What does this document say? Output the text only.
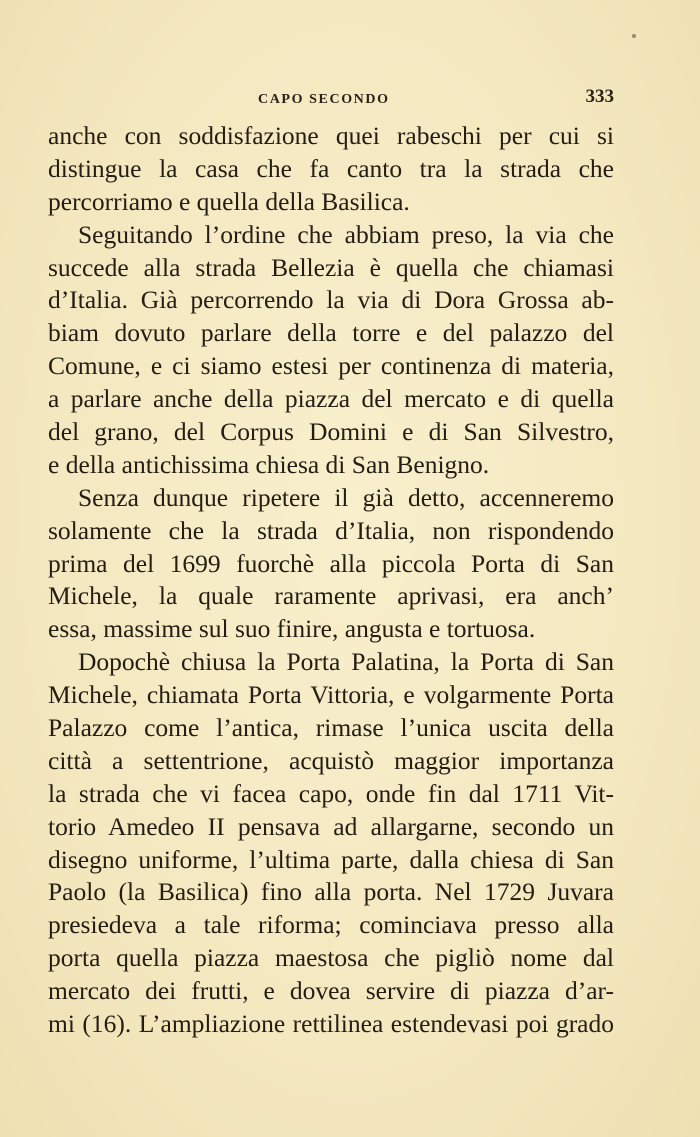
CAPO SECONDO	333
anche con soddisfazione quei rabeschi per cui si
distingue la casa che fa canto tra la strada che
percorriamo e quella della Basilica.
Seguitando l’ordine che abbiam preso, la via che
succede alla strada Bellezia è quella che chiamasi
d’Italia. Già percorrendo la via di Dora Grossa ab-
biam dovuto parlare della torre e del palazzo del
Comune, e ci siamo estesi per continenza di materia,
a parlare anche della piazza del mercato e di quella
del grano, del Corpus Domini e di San Silvestro,
e della antichissima chiesa di San Benigno.
Senza dunque ripetere il già detto, accenneremo
solamente che la strada d’Italia, non rispondendo
prima del 1699 fuorchè alla piccola Porta di San
Michele, la quale raramente aprivasi, era anch’
essa, massime sul suo finire, angusta e tortuosa.
Dopochè chiusa la Porta Palatina, la Porta di San
Michele, chiamata Porta Vittoria, e volgarmente Porta
Palazzo come l’antica, rimase l’unica uscita della
città a settentrione, acquistò maggior importanza
la strada che vi facea capo, onde fin dal 1711 Vit-
torio Amedeo II pensava ad allargarne, secondo un
disegno uniforme, l’ultima parte, dalla chiesa di San
Paolo (la Basilica) fino alla porta. Nel 1729 Juvara
presiedeva a tale riforma; cominciava presso alla
porta quella piazza maestosa che pigliò nome dal
mercato dei frutti, e dovea servire di piazza d’ar-
mi (16). L’ampliazione rettilinea estendevasi poi grado
